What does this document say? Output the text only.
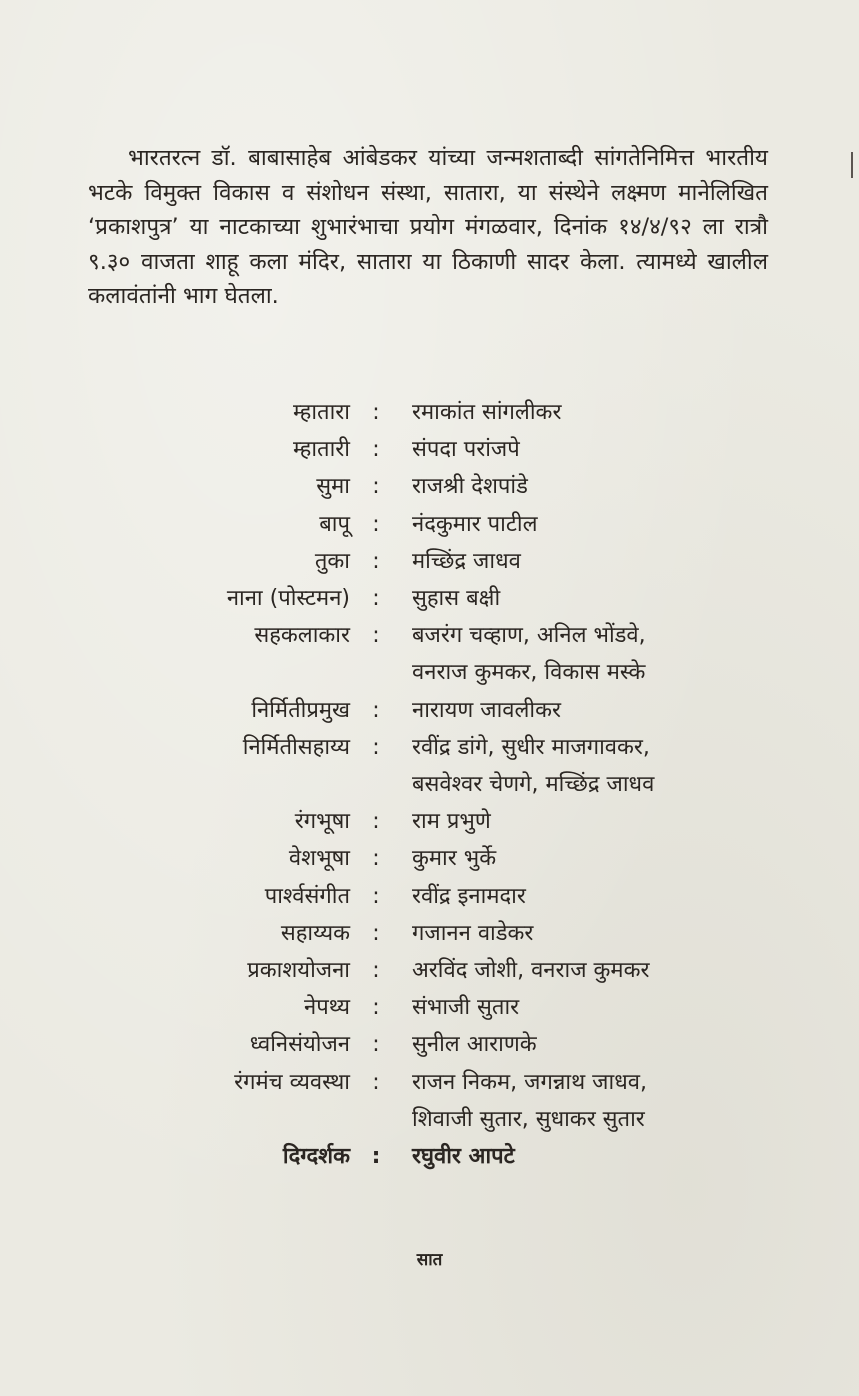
भारतरत्न डॉ. बाबासाहेब आंबेडकर यांच्या जन्मशताब्दी सांगतेनिमित्त भारतीय भटके विमुक्त विकास व संशोधन संस्था, सातारा, या संस्थेने लक्ष्मण मानेलिखित ‘प्रकाशपुत्र’ या नाटकाच्या शुभारंभाचा प्रयोग मंगळवार, दिनांक १४/४/९२ ला रात्रौ ९.३० वाजता शाहू कला मंदिर, सातारा या ठिकाणी सादर केला. त्यामध्ये खालील कलावंतांनी भाग घेतला.

म्हातारा	:	रमाकांत सांगलीकर
म्हातारी	:	संपदा परांजपे
सुमा	:	राजश्री देशपांडे
बापू	:	नंदकुमार पाटील
तुका	:	मच्छिंद्र जाधव
नाना (पोस्टमन)	:	सुहास बक्षी
सहकलाकार	:	बजरंग चव्हाण, अनिल भोंडवे,
वनराज कुमकर, विकास मस्के
निर्मितीप्रमुख	:	नारायण जावलीकर
निर्मितीसहाय्य	:	रवींद्र डांगे, सुधीर माजगावकर,
बसवेश्वर चेणगे, मच्छिंद्र जाधव
रंगभूषा	:	राम प्रभुणे
वेशभूषा	:	कुमार भुर्के
पार्श्वसंगीत	:	रवींद्र इनामदार
सहाय्यक	:	गजानन वाडेकर
प्रकाशयोजना	:	अरविंद जोशी, वनराज कुमकर
नेपथ्य	:	संभाजी सुतार
ध्वनिसंयोजन	:	सुनील आराणके
रंगमंच व्यवस्था	:	राजन निकम, जगन्नाथ जाधव,
शिवाजी सुतार, सुधाकर सुतार
दिग्दर्शक :	रघुवीर आपटे
सात
